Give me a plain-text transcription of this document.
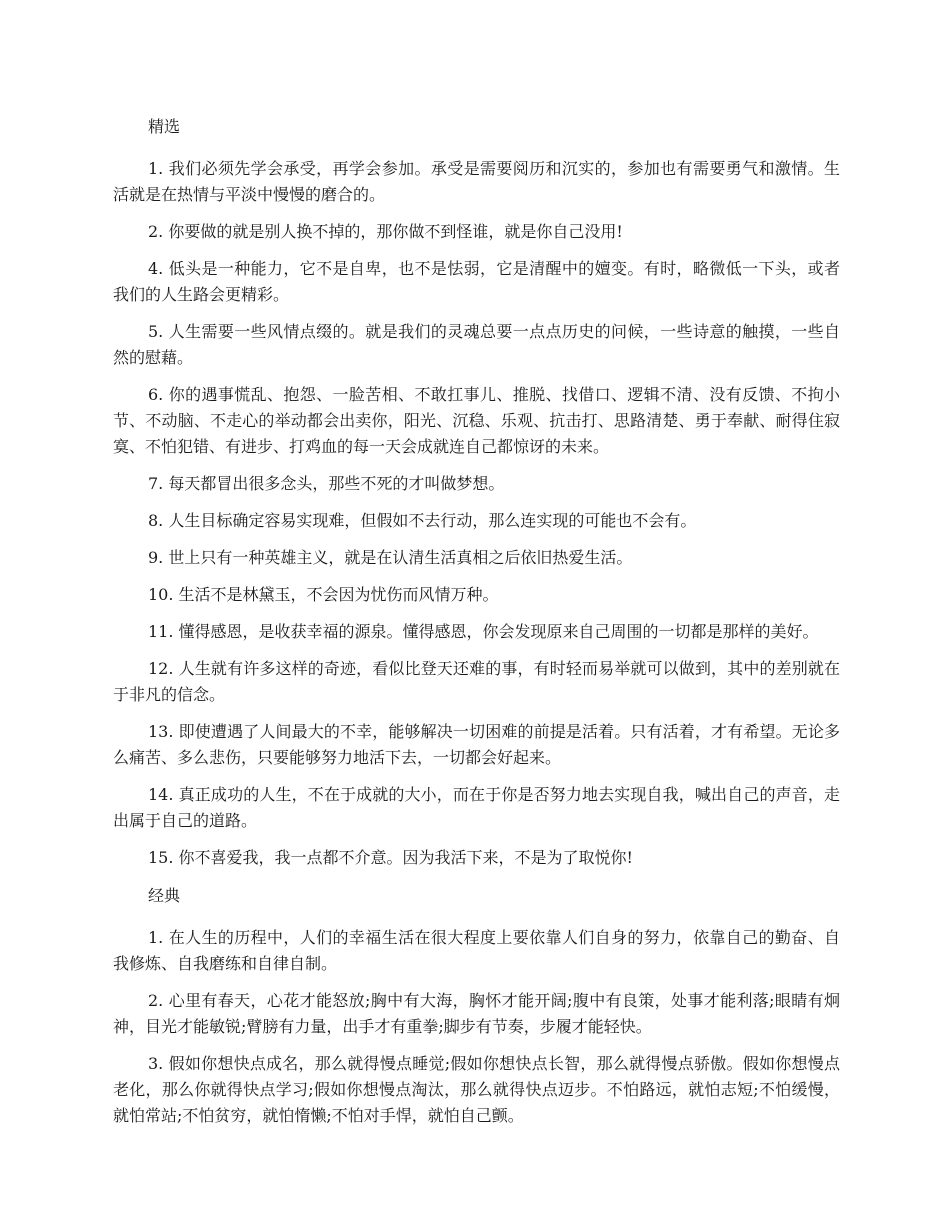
精选

1. 我们必须先学会承受，再学会参加。承受是需要阅历和沉实的，参加也有需要勇气和激情。生活就是在热情与平淡中慢慢的磨合的。

2. 你要做的就是别人换不掉的，那你做不到怪谁，就是你自己没用!

4. 低头是一种能力，它不是自卑，也不是怯弱，它是清醒中的嬗变。有时，略微低一下头，或者我们的人生路会更精彩。

5. 人生需要一些风情点缀的。就是我们的灵魂总要一点点历史的问候，一些诗意的触摸，一些自然的慰藉。

6. 你的遇事慌乱、抱怨、一脸苦相、不敢扛事儿、推脱、找借口、逻辑不清、没有反馈、不拘小节、不动脑、不走心的举动都会出卖你，阳光、沉稳、乐观、抗击打、思路清楚、勇于奉献、耐得住寂寞、不怕犯错、有进步、打鸡血的每一天会成就连自己都惊讶的未来。

7. 每天都冒出很多念头，那些不死的才叫做梦想。

8. 人生目标确定容易实现难，但假如不去行动，那么连实现的可能也不会有。

9. 世上只有一种英雄主义，就是在认清生活真相之后依旧热爱生活。

10. 生活不是林黛玉，不会因为忧伤而风情万种。

11. 懂得感恩，是收获幸福的源泉。懂得感恩，你会发现原来自己周围的一切都是那样的美好。

12. 人生就有许多这样的奇迹，看似比登天还难的事，有时轻而易举就可以做到，其中的差别就在于非凡的信念。

13. 即使遭遇了人间最大的不幸，能够解决一切困难的前提是活着。只有活着，才有希望。无论多么痛苦、多么悲伤，只要能够努力地活下去，一切都会好起来。

14. 真正成功的人生，不在于成就的大小，而在于你是否努力地去实现自我，喊出自己的声音，走出属于自己的道路。

15. 你不喜爱我，我一点都不介意。因为我活下来，不是为了取悦你!

经典

1. 在人生的历程中，人们的幸福生活在很大程度上要依靠人们自身的努力，依靠自己的勤奋、自我修炼、自我磨练和自律自制。

2. 心里有春天，心花才能怒放;胸中有大海，胸怀才能开阔;腹中有良策，处事才能利落;眼睛有炯神，目光才能敏锐;臂膀有力量，出手才有重拳;脚步有节奏，步履才能轻快。

3. 假如你想快点成名，那么就得慢点睡觉;假如你想快点长智，那么就得慢点骄傲。假如你想慢点老化，那么你就得快点学习;假如你想慢点淘汰，那么就得快点迈步。不怕路远，就怕志短;不怕缓慢，就怕常站;不怕贫穷，就怕惰懒;不怕对手悍，就怕自己颤。
